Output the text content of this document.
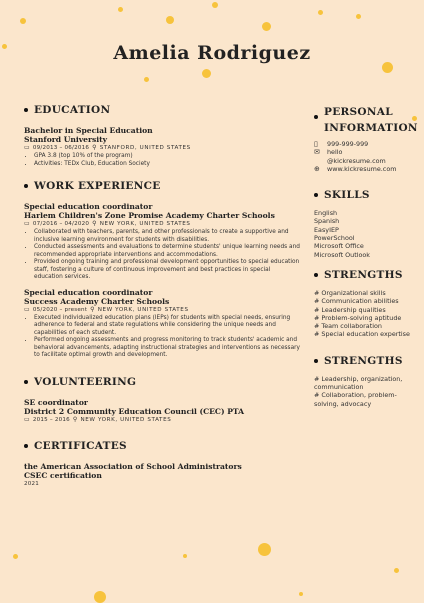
Amelia Rodriguez
EDUCATION
Bachelor in Special Education
Stanford University
▭ 09/2013 – 06/2016 ⚲ STANFORD, UNITED STATES
• GPA 3.8 (top 10% of the program)
• Activities: TEDx Club, Education Society
WORK EXPERIENCE
Special education coordinator
Harlem Children's Zone Promise Academy Charter Schools
▭ 07/2016 – 04/2020 ⚲ NEW YORK, UNITED STATES
• Collaborated with teachers, parents, and other professionals to create a supportive and inclusive learning environment for students with disabilities.
• Conducted assessments and evaluations to determine students' unique learning needs and recommended appropriate interventions and accommodations.
• Provided ongoing training and professional development opportunities to special education staff, fostering a culture of continuous improvement and best practices in special education services.
Special education coordinator
Success Academy Charter Schools
▭ 05/2020 – present ⚲ NEW YORK, UNITED STATES
• Executed individualized education plans (IEPs) for students with special needs, ensuring adherence to federal and state regulations while considering the unique needs and capabilities of each student.
• Performed ongoing assessments and progress monitoring to track students' academic and behavioral advancements, adapting instructional strategies and interventions as necessary to facilitate optimal growth and development.
VOLUNTEERING
SE coordinator
District 2 Community Education Council (CEC) PTA
▭ 2015 – 2016 ⚲ NEW YORK, UNITED STATES
CERTIFICATES
the American Association of School Administrators
CSEC certification
2021
PERSONAL
INFORMATION
▯	999-999-999
✉	hello
@kickresume.com
⊕	www.kickresume.com
SKILLS
English
Spanish
EasyIEP
PowerSchool
Microsoft Office
Microsoft Outlook
STRENGTHS
# Organizational skills
# Communication abilities
# Leadership qualities
# Problem-solving aptitude
# Team collaboration
# Special education expertise
STRENGTHS
# Leadership, organization, communication
# Collaboration, problem-solving, advocacy
